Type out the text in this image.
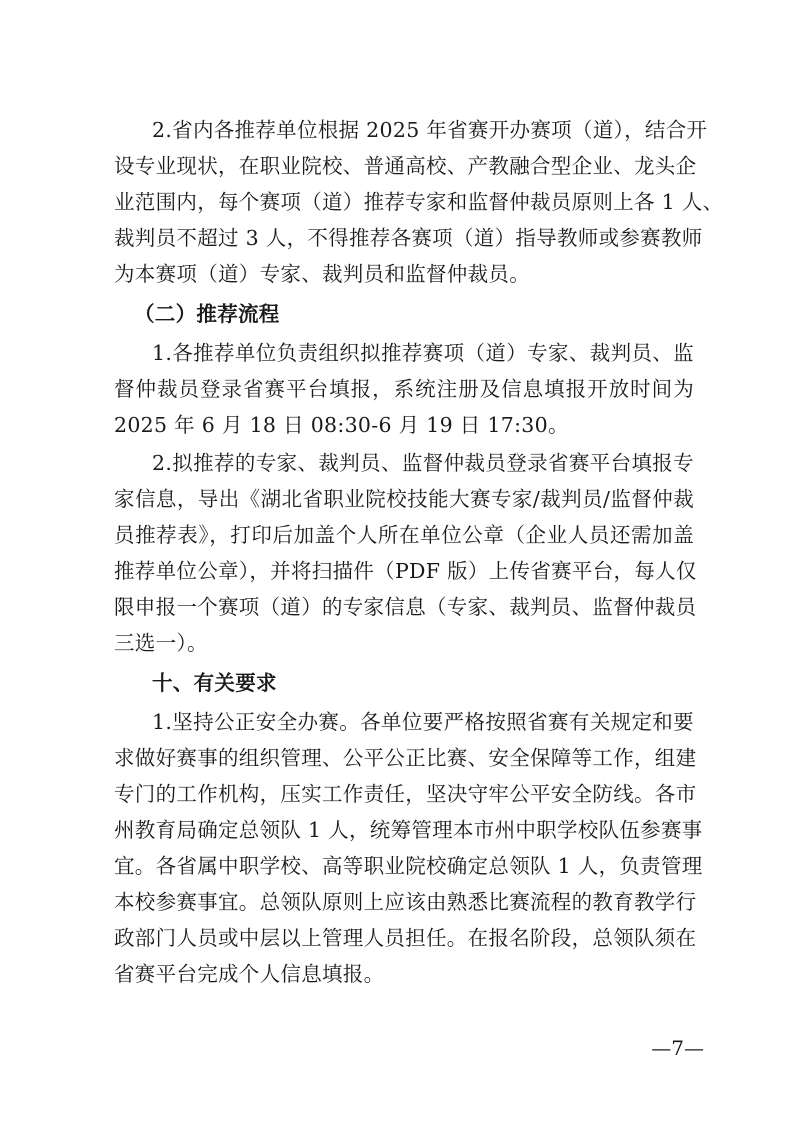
2.省内各推荐单位根据 2025 年省赛开办赛项（道），结合开
设专业现状，在职业院校、普通高校、产教融合型企业、龙头企
业范围内，每个赛项（道）推荐专家和监督仲裁员原则上各 1 人、
裁判员不超过 3 人，不得推荐各赛项（道）指导教师或参赛教师
为本赛项（道）专家、裁判员和监督仲裁员。
（二）推荐流程
1.各推荐单位负责组织拟推荐赛项（道）专家、裁判员、监
督仲裁员登录省赛平台填报，系统注册及信息填报开放时间为
2025 年 6 月 18 日 08:30-6 月 19 日 17:30。
2.拟推荐的专家、裁判员、监督仲裁员登录省赛平台填报专
家信息，导出《湖北省职业院校技能大赛专家/裁判员/监督仲裁
员推荐表》，打印后加盖个人所在单位公章（企业人员还需加盖
推荐单位公章），并将扫描件（PDF 版）上传省赛平台，每人仅
限申报一个赛项（道）的专家信息（专家、裁判员、监督仲裁员
三选一）。
十、有关要求
1.坚持公正安全办赛。各单位要严格按照省赛有关规定和要
求做好赛事的组织管理、公平公正比赛、安全保障等工作，组建
专门的工作机构，压实工作责任，坚决守牢公平安全防线。各市
州教育局确定总领队 1 人，统筹管理本市州中职学校队伍参赛事
宜。各省属中职学校、高等职业院校确定总领队 1 人，负责管理
本校参赛事宜。总领队原则上应该由熟悉比赛流程的教育教学行
政部门人员或中层以上管理人员担任。在报名阶段，总领队须在
省赛平台完成个人信息填报。
—7—
